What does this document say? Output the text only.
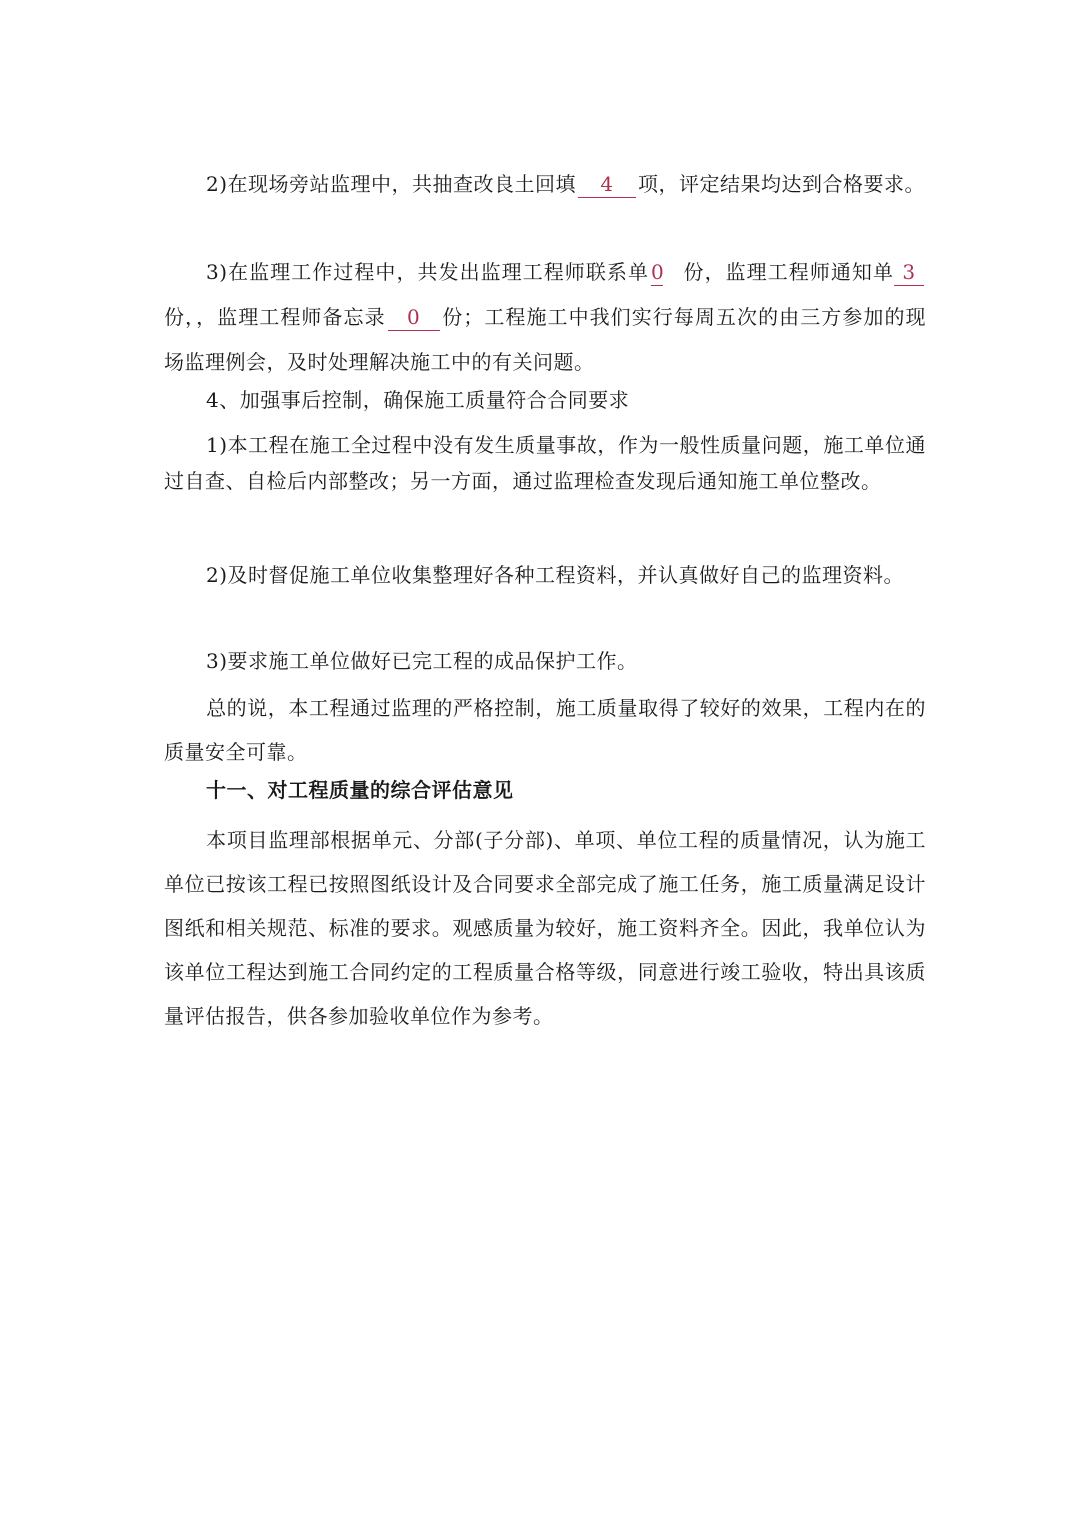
2)在现场旁站监理中，共抽查改良土回填 4 项，评定结果均达到合格要求。

3)在监理工作过程中，共发出监理工程师联系单 0 份，监理工程师通知单 3份，，监理工程师备忘录 0 份；工程施工中我们实行每周五次的由三方参加的现场监理例会，及时处理解决施工中的有关问题。

4、加强事后控制，确保施工质量符合合同要求

1)本工程在施工全过程中没有发生质量事故，作为一般性质量问题，施工单位通过自查、自检后内部整改；另一方面，通过监理检查发现后通知施工单位整改。

2)及时督促施工单位收集整理好各种工程资料，并认真做好自己的监理资料。

3)要求施工单位做好已完工程的成品保护工作。

总的说，本工程通过监理的严格控制，施工质量取得了较好的效果，工程内在的质量安全可靠。

十一、对工程质量的综合评估意见

本项目监理部根据单元、分部(子分部)、单项、单位工程的质量情况，认为施工单位已按该工程已按照图纸设计及合同要求全部完成了施工任务，施工质量满足设计图纸和相关规范、标准的要求。观感质量为较好，施工资料齐全。因此，我单位认为该单位工程达到施工合同约定的工程质量合格等级，同意进行竣工验收，特出具该质量评估报告，供各参加验收单位作为参考。
